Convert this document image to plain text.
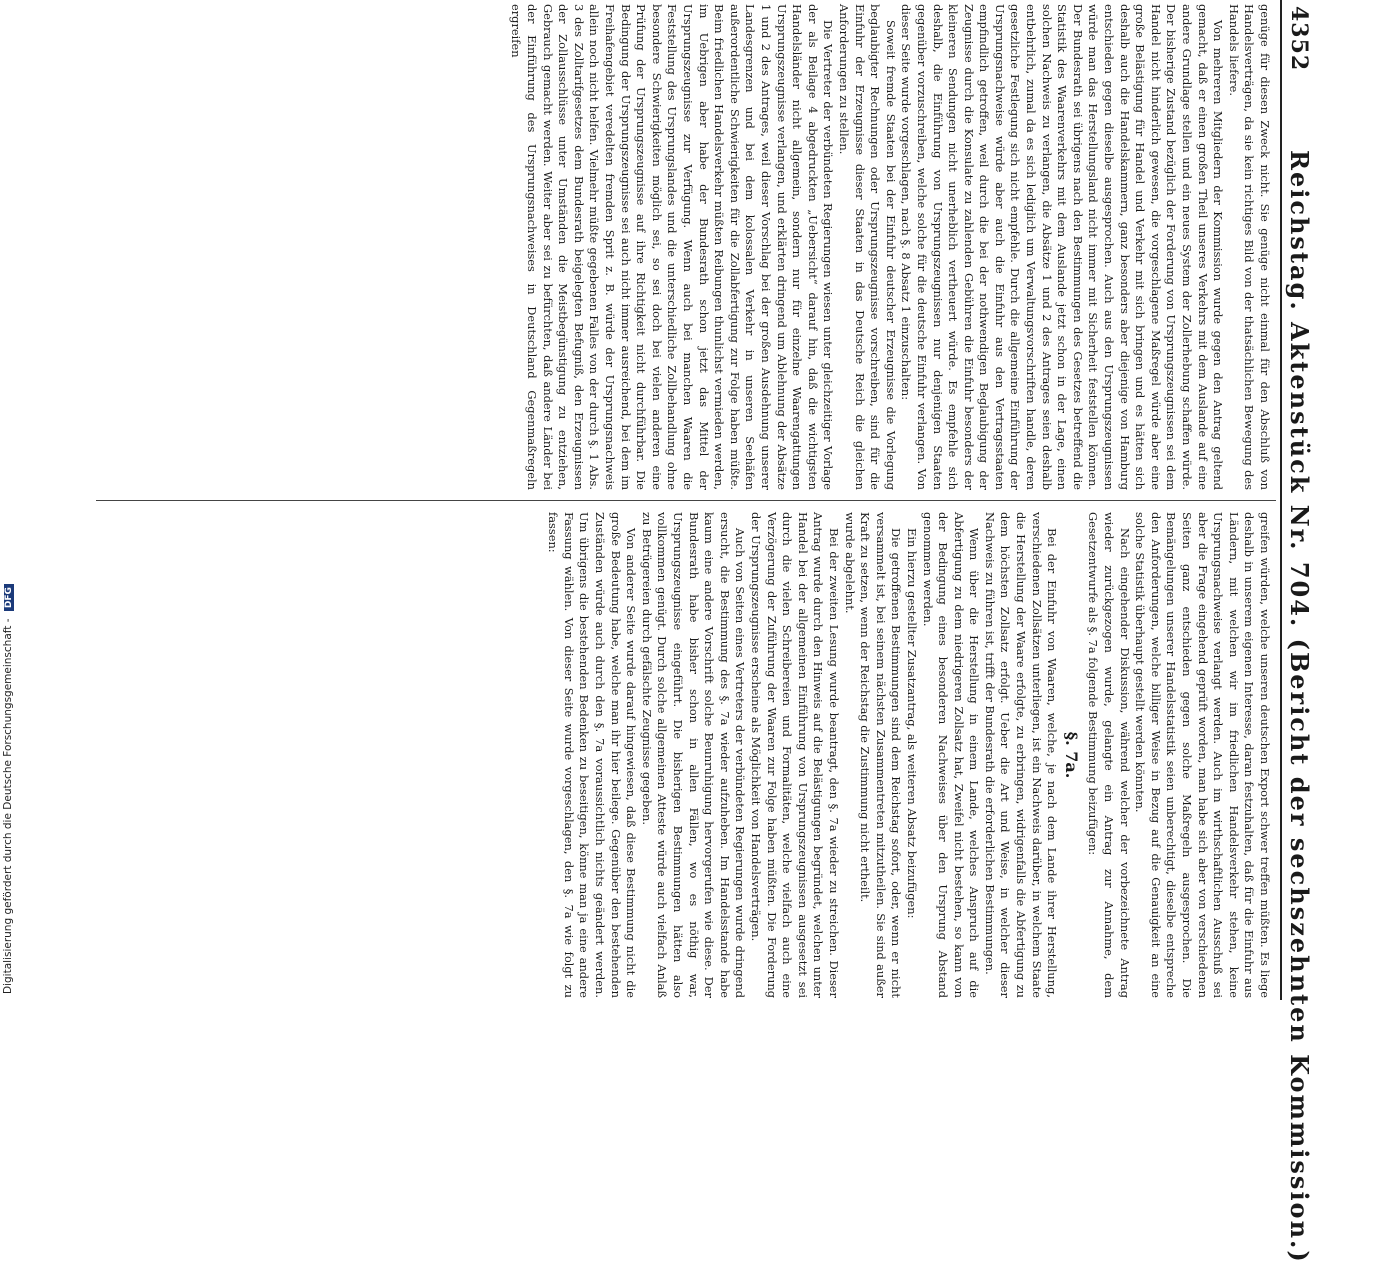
Digitalisierung gefördert durch die Deutsche Forschungsgemeinschaft - DFG
4352
Reichstag. Aktenstück Nr. 704. (Bericht der sechszehnten Kommission.)

genüge für diesen Zweck nicht. Sie genüge nicht einmal für den Abschluß von Handelsverträgen, da sie kein richtiges Bild von der thatsächlichen Bewegung des Handels liefere.

Von mehreren Mitgliedern der Kommission wurde gegen den Antrag geltend gemacht, daß er einen großen Theil unseres Verkehrs mit dem Auslande auf eine andere Grundlage stellen und ein neues System der Zollerhebung schaffen würde. Der bisherige Zustand bezüglich der Forderung von Ursprungszeugnissen sei dem Handel nicht hinderlich gewesen, die vorgeschlagene Maßregel würde aber eine große Belästigung für Handel und Verkehr mit sich bringen und es hätten sich deshalb auch die Handelskammern, ganz besonders aber diejenige von Hamburg entschieden gegen dieselbe ausgesprochen. Auch aus den Ursprungszeugnissen würde man das Herstellungsland nicht immer mit Sicherheit feststellen können. Der Bundesrath sei übrigens nach den Bestimmungen des Gesetzes betreffend die Statistik des Waarenverkehrs mit dem Auslande jetzt schon in der Lage, einen solchen Nachweis zu verlangen, die Absätze 1 und 2 des Antrages seien deshalb entbehrlich, zumal da es sich lediglich um Verwaltungsvorschriften handle, deren gesetzliche Festlegung sich nicht empfehle. Durch die allgemeine Einführung der Ursprungsnachweise würde aber auch die Einfuhr aus den Vertragsstaaten empfindlich getroffen, weil durch die bei der nothwendigen Beglaubigung der Zeugnisse durch die Konsulate zu zahlenden Gebühren die Einfuhr besonders der kleineren Sendungen nicht unerheblich vertheuert würde. Es empfehle sich deshalb, die Einführung von Ursprungszeugnissen nur denjenigen Staaten gegenüber vorzuschreiben, welche solche für die deutsche Einfuhr verlangen. Von dieser Seite wurde vorgeschlagen, nach §. 8 Absatz 1 einzuschalten:

Soweit fremde Staaten bei der Einfuhr deutscher Erzeugnisse die Vorlegung beglaubigter Rechnungen oder Ursprungszeugnisse vorschreiben, sind für die Einfuhr der Erzeugnisse dieser Staaten in das Deutsche Reich die gleichen Anforderungen zu stellen.

Die Vertreter der verbündeten Regierungen wiesen unter gleichzeitiger Vorlage der als Beilage 4 abgedruckten „Uebersicht“ darauf hin, daß die wichtigsten Handelsländer nicht allgemein, sondern nur für einzelne Waarengattungen Ursprungszeugnisse verlangen, und erklärten dringend um Ablehnung der Absätze 1 und 2 des Antrages, weil dieser Vorschlag bei der großen Ausdehnung unserer Landesgrenzen und bei dem kolossalen Verkehr in unseren Seehäfen außerordentliche Schwierigkeiten für die Zollabfertigung zur Folge haben müßte. Beim friedlichen Handelsverkehr müßten Reibungen thunlichst vermieden werden, im Uebrigen aber habe der Bundesrath schon jetzt das Mittel der Ursprungszeugnisse zur Verfügung. Wenn auch bei manchen Waaren die Feststellung des Ursprungslandes und die unterschiedliche Zollbehandlung ohne besondere Schwierigkeiten möglich sei, so sei doch bei vielen anderen eine Prüfung der Ursprungszeugnisse auf ihre Richtigkeit nicht durchführbar. Die Bedingung der Ursprungszeugnisse sei auch nicht immer ausreichend, bei dem im Freihafengebiet veredelten fremden Sprit z. B. würde der Ursprungsnachweis allein noch nicht helfen. Vielmehr müßte gegebenen Falles von der durch §. 1 Abs. 3 des Zolltarifgesetzes dem Bundesrath beigelegten Befugniß, den Erzeugnissen der Zollausschlüsse unter Umständen die Meistbegünstigung zu entziehen, Gebrauch gemacht werden. Weiter aber sei zu befürchten, daß andere Länder bei der Einführung des Ursprungsnachweises in Deutschland Gegenmaßregeln ergreifen

greifen würden, welche unseren deutschen Export schwer treffen müßten. Es liege deshalb in unserem eigenen Interesse, daran festzuhalten, daß für die Einfuhr aus Ländern, mit welchen wir im friedlichen Handelsverkehr stehen, keine Ursprungsnachweise verlangt werden. Auch im wirthschaftlichen Ausschuß sei aber die Frage eingehend geprüft worden, man habe sich aber von verschiedenen Seiten ganz entschieden gegen solche Maßregeln ausgesprochen. Die Bemängelungen unserer Handelsstatistik seien unberechtigt, dieselbe entspreche den Anforderungen, welche billiger Weise in Bezug auf die Genauigkeit an eine solche Statistik überhaupt gestellt werden könnten.

Nach eingehender Diskussion, während welcher der vorbezeichnete Antrag wieder zurückgezogen wurde, gelangte ein Antrag zur Annahme, dem Gesetzentwurfe als §. 7a folgende Bestimmung beizufügen:

§. 7a.

Bei der Einfuhr von Waaren, welche, je nach dem Lande ihrer Herstellung, verschiedenen Zollsätzen unterliegen, ist ein Nachweis darüber, in welchem Staate die Herstellung der Waare erfolgte, zu erbringen, widrigenfalls die Abfertigung zu dem höchsten Zollsatz erfolgt. Ueber die Art und Weise, in welcher dieser Nachweis zu führen ist, trifft der Bundesrath die erforderlichen Bestimmungen.

Wenn über die Herstellung in einem Lande, welches Anspruch auf die Abfertigung zu dem niedrigeren Zollsatz hat, Zweifel nicht bestehen, so kann von der Bedingung eines besonderen Nachweises über den Ursprung Abstand genommen werden.

Ein hierzu gestellter Zusatzantrag, als weiteren Absatz beizufügen:

Die getroffenen Bestimmungen sind dem Reichstag sofort, oder, wenn er nicht versammelt ist, bei seinem nächsten Zusammentreten mitzutheilen. Sie sind außer Kraft zu setzen, wenn der Reichstag die Zustimmung nicht ertheilt.

wurde abgelehnt.

Bei der zweiten Lesung wurde beantragt, den §. 7a wieder zu streichen. Dieser Antrag wurde durch den Hinweis auf die Belästigungen begründet, welchen unter Handel bei der allgemeinen Einführung von Ursprungszeugnissen ausgesetzt sei durch die vielen Schreibereien und Formalitäten, welche vielfach auch eine Verzögerung der Zuführung der Waaren zur Folge haben müßten. Die Forderung der Ursprungszeugnisse erscheine als Möglichkeit von Handelsverträgen.

Auch von Seiten eines Vertreters der verbündeten Regierungen wurde dringend ersucht, die Bestimmung des §. 7a wieder aufzuheben. Im Handelsstande habe kaum eine andere Vorschrift solche Beunruhigung hervorgerufen wie diese. Der Bundesrath habe bisher schon in allen Fällen, wo es nöthig war, Ursprungszeugnisse eingeführt. Die bisherigen Bestimmungen hätten also vollkommen genügt. Durch solche allgemeinen Atteste würde auch vielfach Anlaß zu Betrügereien durch gefälschte Zeugnisse gegeben.

Von anderer Seite wurde darauf hingewiesen, daß diese Bestimmung nicht die große Bedeutung habe, welche man ihr hier beilege. Gegenüber den bestehenden Zuständen würde auch durch den §. 7a voraussichtlich nichts geändert werden. Um übrigens die bestehenden Bedenken zu beseitigen, könne man ja eine andere Fassung wählen. Von dieser Seite wurde vorgeschlagen, den §. 7a wie folgt zu fassen:
